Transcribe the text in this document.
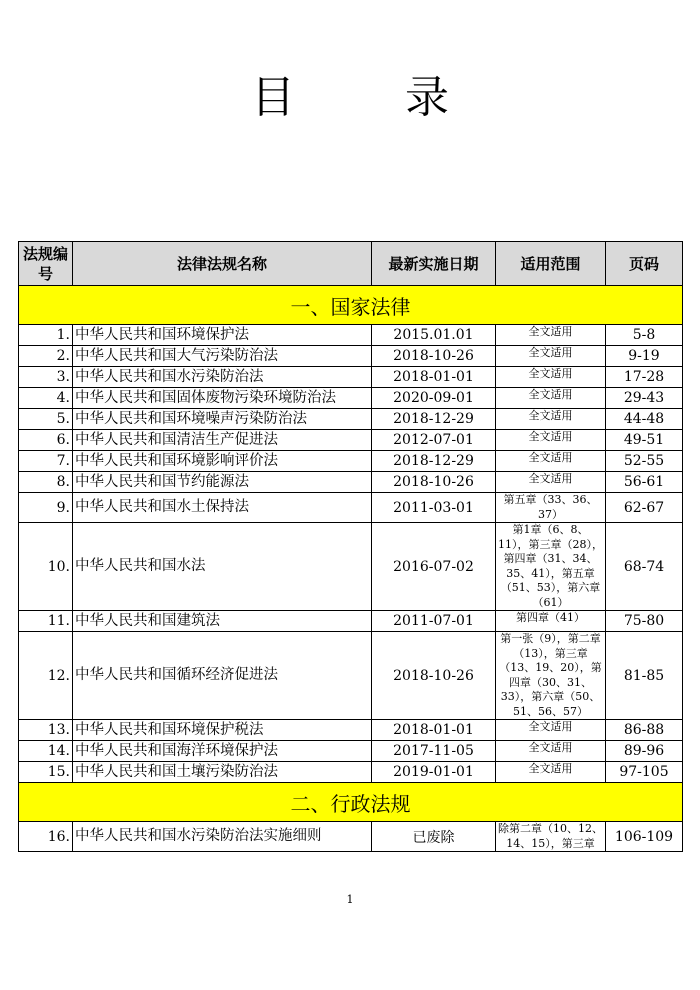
目 录
法规编号	法律法规名称	最新实施日期	适用范围	页码
一、国家法律				
1.	中华人民共和国环境保护法	2015.01.01	全文适用	5-8
2.	中华人民共和国大气污染防治法	2018-10-26	全文适用	9-19
3.	中华人民共和国水污染防治法	2018-01-01	全文适用	17-28
4.	中华人民共和国固体废物污染环境防治法	2020-09-01	全文适用	29-43
5.	中华人民共和国环境噪声污染防治法	2018-12-29	全文适用	44-48
6.	中华人民共和国清洁生产促进法	2012-07-01	全文适用	49-51
7.	中华人民共和国环境影响评价法	2018-12-29	全文适用	52-55
8.	中华人民共和国节约能源法	2018-10-26	全文适用	56-61
9.	中华人民共和国水土保持法	2011-03-01	第五章（33、36、37）	62-67
10.	中华人民共和国水法	2016-07-02	第1章（6、8、11），第三章（28），第四章（31、34、35、41），第五章（51、53），第六章（61）	68-74
11.	中华人民共和国建筑法	2011-07-01	第四章（41）	75-80
12.	中华人民共和国循环经济促进法	2018-10-26	第一张（9），第二章（13），第三章（13、19、20），第四章（30、31、33），第六章（50、51、56、57）	81-85
13.	中华人民共和国环境保护税法	2018-01-01	全文适用	86-88
14.	中华人民共和国海洋环境保护法	2017-11-05	全文适用	89-96
15.	中华人民共和国土壤污染防治法	2019-01-01	全文适用	97-105
二、行政法规				
16.	中华人民共和国水污染防治法实施细则	已废除	除第二章（10、12、14、15），第三章	106-109
1
